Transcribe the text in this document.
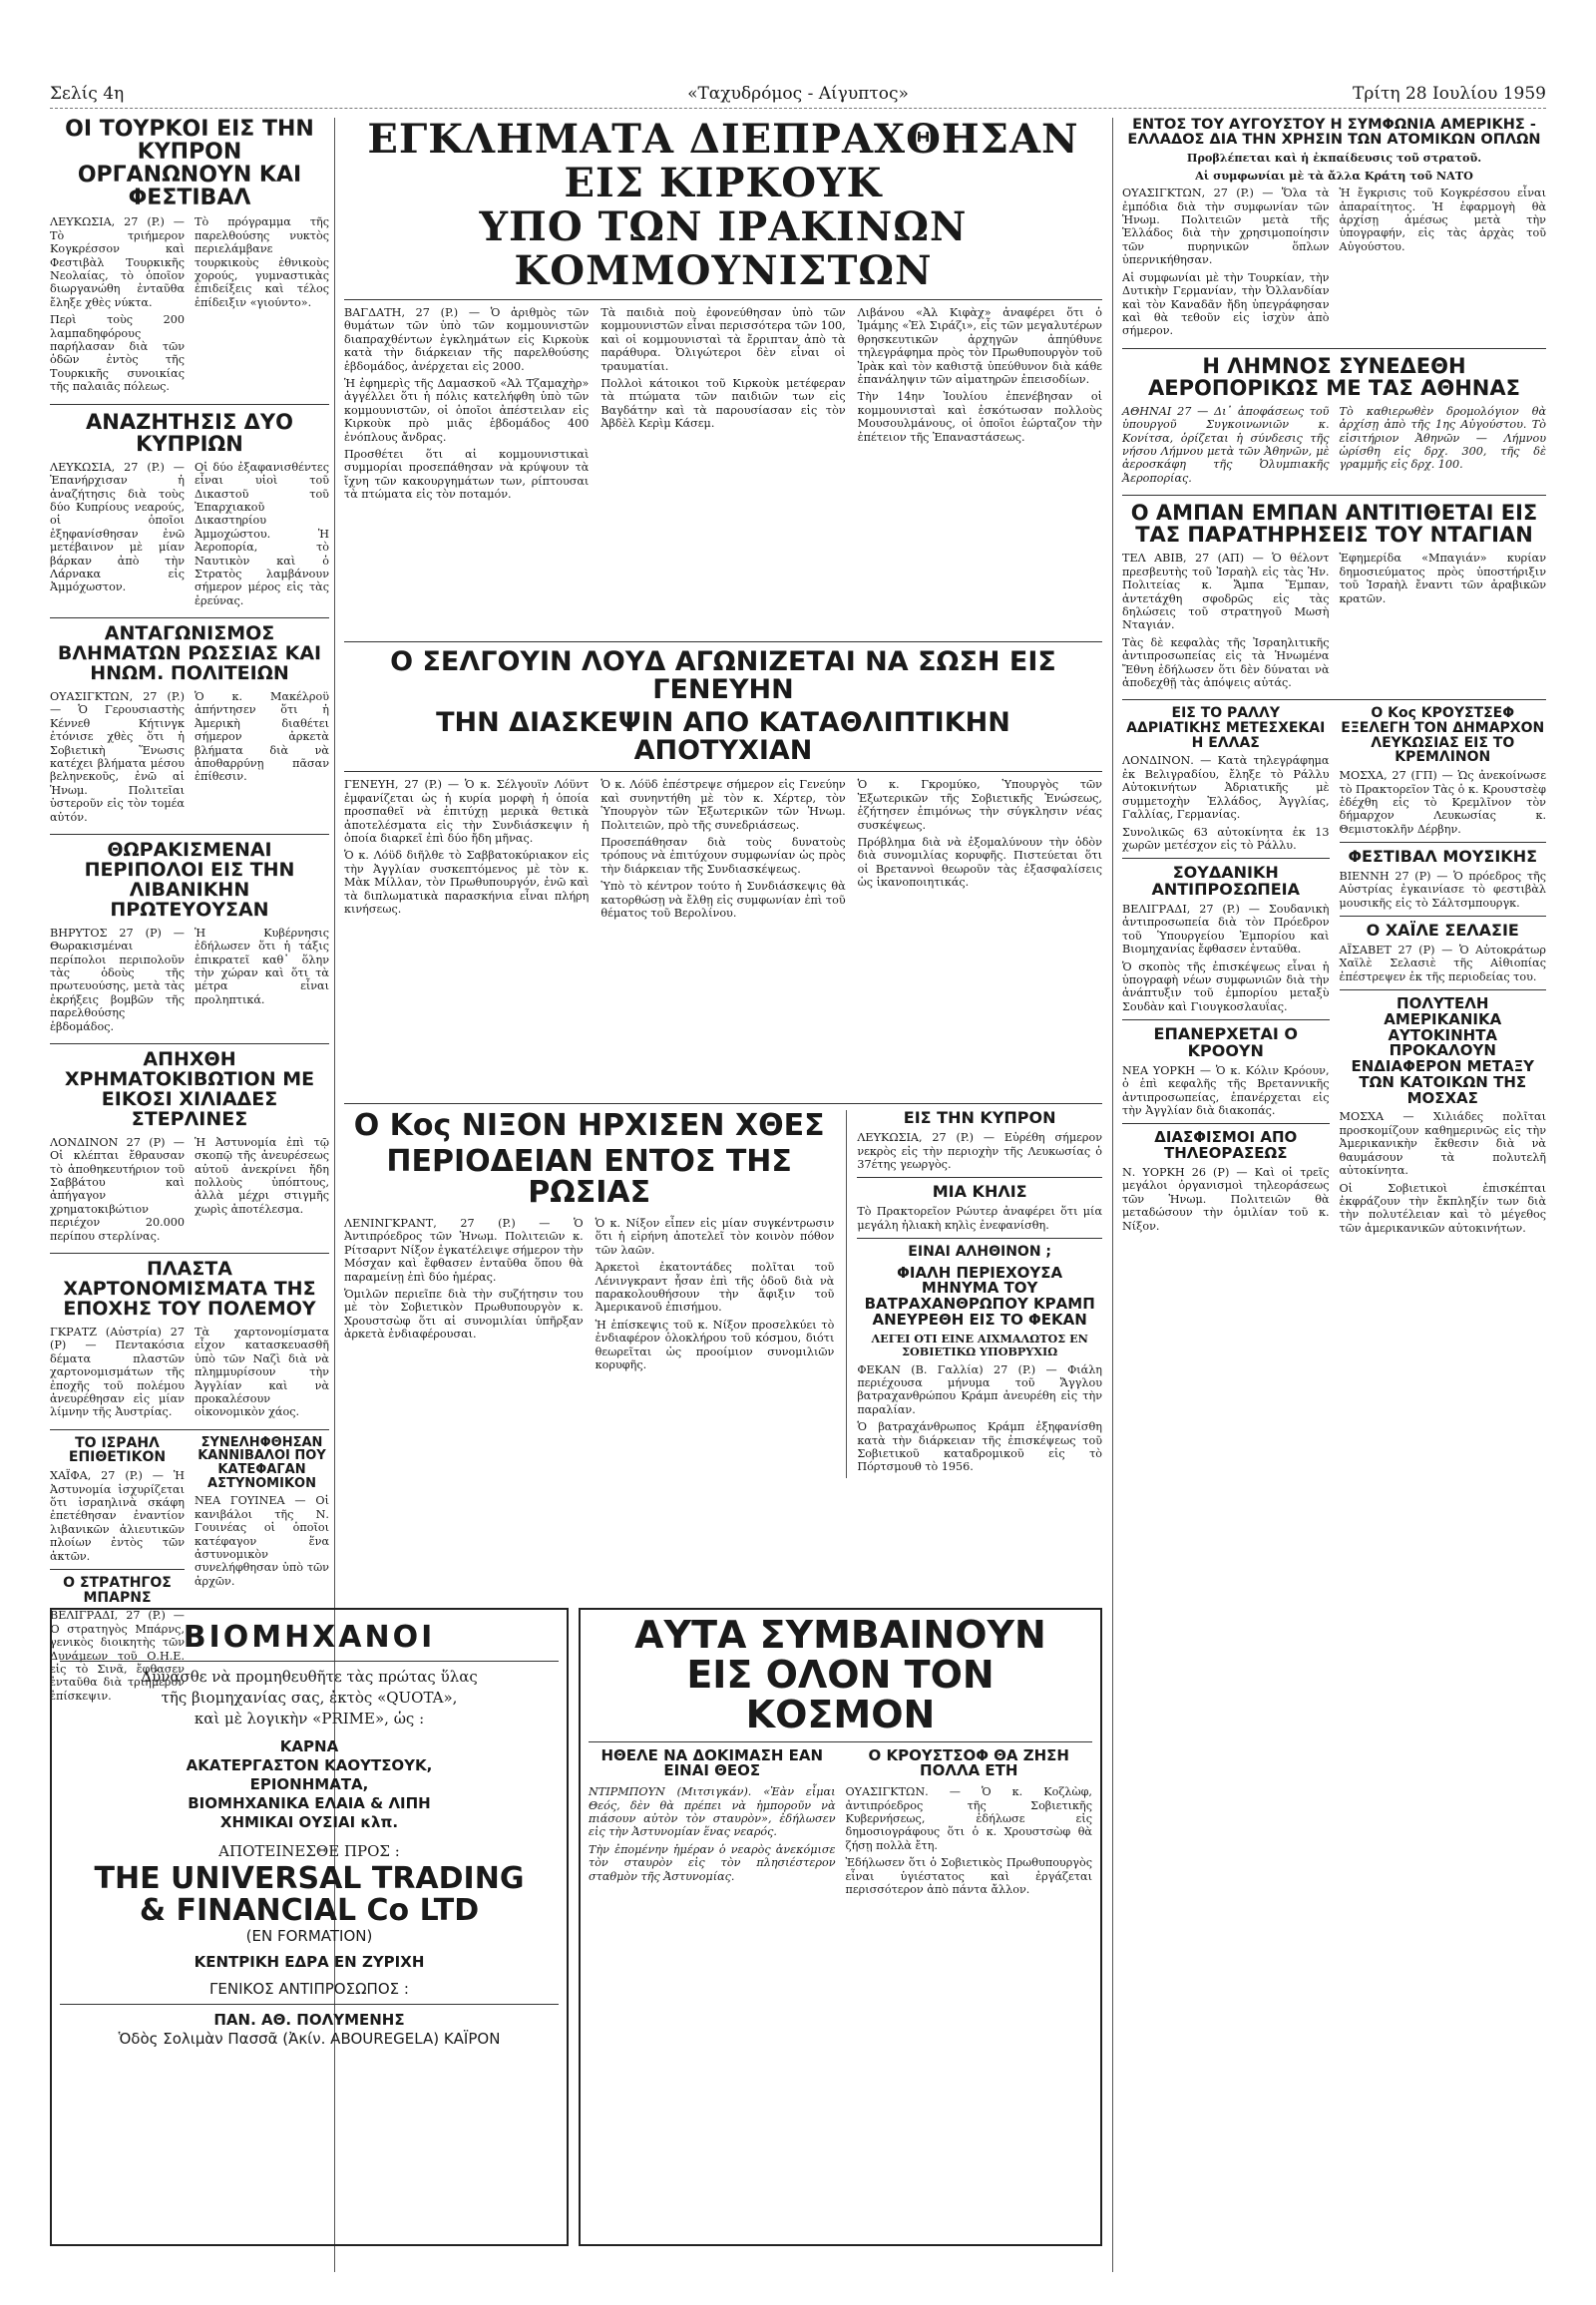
Σελίς 4η	«Ταχυδρόμος - Αίγυπτος»	Τρίτη 28 Ιουλίου 1959
ΟΙ ΤΟΥΡΚΟΙ ΕΙΣ ΤΗΝ ΚΥΠΡΟΝ ΟΡΓΑΝΩΝΟΥΝ ΚΑΙ ΦΕΣΤΙΒΑΛ

ΛΕΥΚΩΣΙΑ, 27 (P.) — Τὸ τριήμερον Κογκρέσσον καὶ Φεστιβὰλ Τουρκικῆς Νεολαίας, τὸ ὁποῖον διωργανώθη ἐνταῦθα ἔληξε χθὲς νύκτα.

Περὶ τοὺς 200 λαμπαδηφόρους παρήλασαν διὰ τῶν ὁδῶν ἐντὸς τῆς Τουρκικῆς συνοικίας τῆς παλαιᾶς πόλεως.

Τὸ πρόγραμμα τῆς παρελθούσης νυκτὸς περιελάμβανε τουρκικοὺς ἐθνικοὺς χορούς, γυμναστικὰς ἐπιδείξεις καὶ τέλος ἐπίδειξιν «γιούντο».

ΑΝΑΖΗΤΗΣΙΣ ΔΥΟ ΚΥΠΡΙΩΝ

ΛΕΥΚΩΣΙΑ, 27 (P.) — Ἐπανήρχισαν ἡ ἀναζήτησις διὰ τοὺς δύο Κυπρίους νεαρούς, οἱ ὁποῖοι ἐξηφανίσθησαν ἐνῶ μετέβαινον μὲ μίαν βάρκαν ἀπὸ τὴν Λάρνακα εἰς Ἀμμόχωστον.

Οἱ δύο ἐξαφανισθέντες εἶναι υἱοὶ τοῦ Δικαστοῦ τοῦ Ἐπαρχιακοῦ Δικαστηρίου Ἀμμοχώστου. Ἡ Ἀεροπορία, τὸ Ναυτικὸν καὶ ὁ Στρατὸς λαμβάνουν σήμερον μέρος εἰς τὰς ἐρεύνας.

ΑΝΤΑΓΩΝΙΣΜΟΣ ΒΛΗΜΑΤΩΝ ΡΩΣΣΙΑΣ ΚΑΙ ΗΝΩΜ. ΠΟΛΙΤΕΙΩΝ

ΟΥΑΣΙΓΚΤΩΝ, 27 (P.) — Ὁ Γερουσιαστὴς Κέννεθ Κήτινγκ ἐτόνισε χθὲς ὅτι ἡ Σοβιετικὴ Ἕνωσις κατέχει βλήματα μέσου βεληνεκοῦς, ἐνῶ αἱ Ἡνωμ. Πολιτεῖαι ὑστεροῦν εἰς τὸν τομέα αὐτόν.

Ὁ κ. Μακέλροϋ ἀπήντησεν ὅτι ἡ Ἀμερικὴ διαθέτει σήμερον ἀρκετὰ βλήματα διὰ νὰ ἀποθαρρύνῃ πᾶσαν ἐπίθεσιν.

ΘΩΡΑΚΙΣΜΕΝΑΙ ΠΕΡΙΠΟΛΟΙ ΕΙΣ ΤΗΝ ΛΙΒΑΝΙΚΗΝ ΠΡΩΤΕΥΟΥΣΑΝ

ΒΗΡΥΤΟΣ 27 (P) — Θωρακισμέναι περίπολοι περιπολοῦν τὰς ὁδοὺς τῆς πρωτευούσης, μετὰ τὰς ἐκρήξεις βομβῶν τῆς παρελθούσης ἑβδομάδος.

Ἡ Κυβέρνησις ἐδήλωσεν ὅτι ἡ τάξις ἐπικρατεῖ καθ᾽ ὅλην τὴν χώραν καὶ ὅτι τὰ μέτρα εἶναι προληπτικά.

ΑΠΗΧΘΗ ΧΡΗΜΑΤΟΚΙΒΩΤΙΟΝ ΜΕ ΕΙΚΟΣΙ ΧΙΛΙΑΔΕΣ ΣΤΕΡΛΙΝΕΣ

ΛΟΝΔΙΝΟΝ 27 (P) — Οἱ κλέπται ἔθραυσαν τὸ ἀποθηκευτήριον τοῦ Σαββάτου καὶ ἀπήγαγον χρηματοκιβώτιον περιέχον 20.000 περίπου στερλίνας.

Ἡ Ἀστυνομία ἐπὶ τῷ σκοπῷ τῆς ἀνευρέσεως αὐτοῦ ἀνεκρίνει ἤδη πολλοὺς ὑπόπτους, ἀλλὰ μέχρι στιγμῆς χωρὶς ἀποτέλεσμα.

ΠΛΑΣΤΑ ΧΑΡΤΟΝΟΜΙΣΜΑΤΑ ΤΗΣ ΕΠΟΧΗΣ ΤΟΥ ΠΟΛΕΜΟΥ

ΓΚΡΑΤΖ (Αὐστρία) 27 (P) — Πεντακόσια δέματα πλαστῶν χαρτονομισμάτων τῆς ἐποχῆς τοῦ πολέμου ἀνευρέθησαν εἰς μίαν λίμνην τῆς Ἀυστρίας.

Τὰ χαρτονομίσματα εἶχον κατασκευασθῆ ὑπὸ τῶν Ναζὶ διὰ νὰ πλημμυρίσουν τὴν Ἀγγλίαν καὶ νὰ προκαλέσουν οἰκονομικὸν χάος.

ΤΟ ΙΣΡΑΗΛ ΕΠΙΘΕΤΙΚΟΝ

ΧΑΪΦΑ, 27 (P.) — Ἡ Ἀστυνομία ἰσχυρίζεται ὅτι ἰσραηλινὰ σκάφη ἐπετέθησαν ἐναντίον λιβανικῶν ἁλιευτικῶν πλοίων ἐντὸς τῶν ἀκτῶν.

Ο ΣΤΡΑΤΗΓΟΣ ΜΠΑΡΝΣ

ΒΕΛΙΓΡΑΔΙ, 27 (P.) — Ὁ στρατηγὸς Μπάρνς, γενικὸς διοικητὴς τῶν Δυνάμεων τοῦ Ο.Η.Ε. εἰς τὸ Σινᾶ, ἔφθασεν ἐνταῦθα διὰ τριήμερον ἐπίσκεψιν.

ΣΥΝΕΛΗΦΘΗΣΑΝ ΚΑΝΝΙΒΑΛΟΙ ΠΟΥ ΚΑΤΕΦΑΓΑΝ ΑΣΤΥΝΟΜΙΚΟΝ

ΝΕΑ ΓΟΥΙΝΕΑ — Οἱ κανιβάλοι τῆς Ν. Γουινέας οἱ ὁποῖοι κατέφαγον ἕνα ἀστυνομικὸν συνελήφθησαν ὑπὸ τῶν ἀρχῶν.

ΒΙΟΜΗΧΑΝΟΙ
Δύνασθε νὰ προμηθευθῆτε τὰς πρώτας ὕλας
τῆς βιομηχανίας σας, ἐκτὸς «QUOTA»,
καὶ μὲ λογικὴν «PRIME», ὡς :
ΚΑΡΝΑ
ΑΚΑΤΕΡΓΑΣΤΟΝ ΚΑΟΥΤΣΟΥΚ,
ΕΡΙΟΝΗΜΑΤΑ,
ΒΙΟΜΗΧΑΝΙΚΑ ΕΛΑΙΑ & ΛΙΠΗ
ΧΗΜΙΚΑΙ ΟΥΣΙΑΙ κλπ.
ΑΠΟΤΕΙΝΕΣΘΕ ΠΡΟΣ :
THE UNIVERSAL TRADING
& FINANCIAL Co LTD
(EN FORMATION)
ΚΕΝΤΡΙΚΗ ΕΔΡΑ ΕΝ ΖΥΡΙΧΗ
ΓΕΝΙΚΟΣ ΑΝΤΙΠΡΟΣΩΠΟΣ :
ΠΑΝ. ΑΘ. ΠΟΛΥΜΕΝΗΣ
Ὁδὸς Σολιμὰν Πασσᾶ (Ἀκίν. ABOUREGELA) ΚΑΪΡΟΝ
ΕΓΚΛΗΜΑΤΑ ΔΙΕΠΡΑΧΘΗΣΑΝ ΕΙΣ ΚΙΡΚΟΥΚ
ΥΠΟ ΤΩΝ ΙΡΑΚΙΝΩΝ ΚΟΜΜΟΥΝΙΣΤΩΝ

ΒΑΓΔΑΤΗ, 27 (P.) — Ὁ ἀριθμὸς τῶν θυμάτων τῶν ὑπὸ τῶν κομμουνιστῶν διαπραχθέντων ἐγκλημάτων εἰς Κιρκοὺκ κατὰ τὴν διάρκειαν τῆς παρελθούσης ἑβδομάδος, ἀνέρχεται εἰς 2000.

Ἡ ἐφημερὶς τῆς Δαμασκοῦ «Ἀλ Τζαμαχὴρ» ἀγγέλλει ὅτι ἡ πόλις κατελήφθη ὑπὸ τῶν κομμουνιστῶν, οἱ ὁποῖοι ἀπέστειλαν εἰς Κιρκοὺκ πρὸ μιᾶς ἑβδομάδος 400 ἐνόπλους ἄνδρας.

Προσθέτει ὅτι αἱ κομμουνιστικαὶ συμμορίαι προσεπάθησαν νὰ κρύψουν τὰ ἴχνη τῶν κακουργημάτων των, ρίπτουσαι τὰ πτώματα εἰς τὸν ποταμόν.

Τὰ παιδιὰ ποὺ ἐφονεύθησαν ὑπὸ τῶν κομμουνιστῶν εἶναι περισσότερα τῶν 100, καὶ οἱ κομμουνισταὶ τὰ ἔρριπταν ἀπὸ τὰ παράθυρα. Ὀλιγώτεροι δὲν εἶναι οἱ τραυματίαι.

Πολλοὶ κάτοικοι τοῦ Κιρκοὺκ μετέφεραν τὰ πτώματα τῶν παιδιῶν των εἰς Βαγδάτην καὶ τὰ παρουσίασαν εἰς τὸν Ἀβδὲλ Κερὶμ Κάσεμ.

Λιβάνου «Ἀλ Κιφὰχ» ἀναφέρει ὅτι ὁ Ἰμάμης «Ἐλ Σιράζι», εἷς τῶν μεγαλυτέρων θρησκευτικῶν ἀρχηγῶν ἀπηύθυνε τηλεγράφημα πρὸς τὸν Πρωθυπουργὸν τοῦ Ἰρὰκ καὶ τὸν καθιστᾷ ὑπεύθυνον διὰ κάθε ἐπανάληψιν τῶν αἱματηρῶν ἐπεισοδίων.

Τὴν 14ην Ἰουλίου ἐπενέβησαν οἱ κομμουνισταὶ καὶ ἐσκότωσαν πολλοὺς Μουσουλμάνους, οἱ ὁποῖοι ἑώρταζον τὴν ἐπέτειον τῆς Ἐπαναστάσεως.

Ο ΣΕΛΓΟΥΙΝ ΛΟΥΔ ΑΓΩΝΙΖΕΤΑΙ ΝΑ ΣΩΣΗ ΕΙΣ ΓΕΝΕΥΗΝ
ΤΗΝ ΔΙΑΣΚΕΨΙΝ ΑΠΟ ΚΑΤΑΘΛΙΠΤΙΚΗΝ ΑΠΟΤΥΧΙΑΝ

ΓΕΝΕΥΗ, 27 (P.) — Ὁ κ. Σέλγουϊν Λόϋντ ἐμφανίζεται ὡς ἡ κυρία μορφὴ ἡ ὁποία προσπαθεῖ νὰ ἐπιτύχῃ μερικὰ θετικὰ ἀποτελέσματα εἰς τὴν Συνδιάσκεψιν ἡ ὁποία διαρκεῖ ἐπὶ δύο ἤδη μῆνας.

Ὁ κ. Λόϋδ διῆλθε τὸ Σαββατοκύριακον εἰς τὴν Ἀγγλίαν συσκεπτόμενος μὲ τὸν κ. Μὰκ Μίλλαν, τὸν Πρωθυπουργόν, ἐνῶ καὶ τὰ διπλωματικὰ παρασκήνια εἶναι πλήρη κινήσεως.

Ὁ κ. Λόϋδ ἐπέστρεψε σήμερον εἰς Γενεύην καὶ συνηντήθη μὲ τὸν κ. Χέρτερ, τὸν Ὑπουργὸν τῶν Ἐξωτερικῶν τῶν Ἡνωμ. Πολιτειῶν, πρὸ τῆς συνεδριάσεως.

Προσεπάθησαν διὰ τοὺς δυνατοὺς τρόπους νὰ ἐπιτύχουν συμφωνίαν ὡς πρὸς τὴν διάρκειαν τῆς Συνδιασκέψεως.

Ὑπὸ τὸ κέντρον τούτο ἡ Συνδιάσκεψις θὰ κατορθώσῃ νὰ ἔλθῃ εἰς συμφωνίαν ἐπὶ τοῦ θέματος τοῦ Βερολίνου.

Ὁ κ. Γκρομύκο, Ὑπουργὸς τῶν Ἐξωτερικῶν τῆς Σοβιετικῆς Ἑνώσεως, ἐζήτησεν ἐπιμόνως τὴν σύγκλησιν νέας συσκέψεως.

Πρόβλημα διὰ νὰ ἐξομαλύνουν τὴν ὁδὸν διὰ συνομιλίας κορυφῆς. Πιστεύεται ὅτι οἱ Βρεταννοὶ θεωροῦν τὰς ἐξασφαλίσεις ὡς ἱκανοποιητικάς.

Ο Κος ΝΙΞΟΝ ΗΡΧΙΣΕΝ ΧΘΕΣ
ΠΕΡΙΟΔΕΙΑΝ ΕΝΤΟΣ ΤΗΣ ΡΩΣΙΑΣ

ΛΕΝΙΝΓΚΡΑΝΤ, 27 (P.) — Ὁ Ἀντιπρόεδρος τῶν Ἡνωμ. Πολιτειῶν κ. Ρίτσαρντ Νίξον ἐγκατέλειψε σήμερον τὴν Μόσχαν καὶ ἔφθασεν ἐνταῦθα ὅπου θὰ παραμείνῃ ἐπὶ δύο ἡμέρας.

Ὁμιλῶν περιεῖπε διὰ τὴν συζήτησιν του μὲ τὸν Σοβιετικὸν Πρωθυπουργὸν κ. Χρουστσὼφ ὅτι αἱ συνομιλίαι ὑπῆρξαν ἀρκετὰ ἐνδιαφέρουσαι.

Ὁ κ. Νίξον εἶπεν εἰς μίαν συγκέντρωσιν ὅτι ἡ εἰρήνη ἀποτελεῖ τὸν κοινὸν πόθον τῶν λαῶν.

Ἀρκετοὶ ἐκατοντάδες πολῖται τοῦ Λένινγκραντ ἦσαν ἐπὶ τῆς ὁδοῦ διὰ νὰ παρακολουθήσουν τὴν ἄφιξιν τοῦ Ἀμερικανοῦ ἐπισήμου.

Ἡ ἐπίσκεψις τοῦ κ. Νίξον προσελκύει τὸ ἐνδιαφέρον ὁλοκλήρου τοῦ κόσμου, διότι θεωρεῖται ὡς προοίμιον συνομιλιῶν κορυφῆς.

ΕΙΣ ΤΗΝ ΚΥΠΡΟΝ

ΛΕΥΚΩΣΙΑ, 27 (P.) — Εὐρέθη σήμερον νεκρὸς εἰς τὴν περιοχὴν τῆς Λευκωσίας ὁ 37έτης γεωργὸς.

ΜΙΑ ΚΗΛΙΣ

Τὸ Πρακτορεῖον Ρώυτερ ἀναφέρει ὅτι μία μεγάλη ἡλιακὴ κηλὶς ἐνεφανίσθη.

ΕΙΝΑΙ ΑΛΗΘΙΝΟΝ ;
ΦΙΑΛΗ ΠΕΡΙΕΧΟΥΣΑ ΜΗΝΥΜΑ ΤΟΥ ΒΑΤΡΑΧΑΝΘΡΩΠΟΥ ΚΡΑΜΠ ΑΝΕΥΡΕΘΗ ΕΙΣ ΤΟ ΦΕΚΑΝ

ΛΕΓΕΙ ΟΤΙ ΕΙΝΕ ΑΙΧΜΑΛΩΤΟΣ ΕΝ ΣΟΒΙΕΤΙΚΩ ΥΠΟΒΡΥΧΙΩ

ΦΕΚΑΝ (Β. Γαλλία) 27 (P.) — Φιάλη περιέχουσα μήνυμα τοῦ Ἄγγλου βατραχανθρώπου Κράμπ ἀνευρέθη εἰς τὴν παραλίαν.

Ὁ βατραχάνθρωπος Κράμπ ἐξηφανίσθη κατὰ τὴν διάρκειαν τῆς ἐπισκέψεως τοῦ Σοβιετικοῦ καταδρομικοῦ εἰς τὸ Πόρτσμουθ τὸ 1956.

ΑΥΤΑ ΣΥΜΒΑΙΝΟΥΝ
ΕΙΣ ΟΛΟΝ ΤΟΝ ΚΟΣΜΟΝ
ΗΘΕΛΕ ΝΑ ΔΟΚΙΜΑΣΗ ΕΑΝ ΕΙΝΑΙ ΘΕΟΣ

ΝΤΙΡΜΠΟΥΝ (Μιτσιγκάν). «Ἐὰν εἶμαι Θεός, δὲν θὰ πρέπει νὰ ἠμποροῦν νὰ πιάσουν αὐτὸν τὸν σταυρὸν», ἐδήλωσεν εἰς τὴν Ἀστυνομίαν ἕνας νεαρός.

Τὴν ἐπομένην ἡμέραν ὁ νεαρὸς ἀνεκόμισε τὸν σταυρὸν εἰς τὸν πλησιέστερον σταθμὸν τῆς Ἀστυνομίας.

Ο ΚΡΟΥΣΤΣΟΦ ΘΑ ΖΗΣΗ ΠΟΛΛΑ ΕΤΗ

ΟΥΑΣΙΓΚΤΩΝ. — Ὁ κ. Κοζλὼφ, ἀντιπρόεδρος τῆς Σοβιετικῆς Κυβερνήσεως, ἐδήλωσε εἰς δημοσιογράφους ὅτι ὁ κ. Χρουστσὼφ θὰ ζήσῃ πολλὰ ἔτη.

Ἐδήλωσεν ὅτι ὁ Σοβιετικὸς Πρωθυπουργὸς εἶναι ὑγιέστατος καὶ ἐργάζεται περισσότερον ἀπὸ πάντα ἄλλον.

ΕΝΤΟΣ ΤΟΥ ΑΥΓΟΥΣΤΟΥ Η ΣΥΜΦΩΝΙΑ ΑΜΕΡΙΚΗΣ - ΕΛΛΑΔΟΣ ΔΙΑ ΤΗΝ ΧΡΗΣΙΝ ΤΩΝ ΑΤΟΜΙΚΩΝ ΟΠΛΩΝ

Προβλέπεται καὶ ἡ ἐκπαίδευσις τοῦ στρατοῦ.

Αἱ συμφωνίαι μὲ τὰ ἄλλα Κράτη τοῦ ΝΑΤΟ

ΟΥΑΣΙΓΚΤΩΝ, 27 (P.) — Ὅλα τὰ ἐμπόδια διὰ τὴν συμφωνίαν τῶν Ἡνωμ. Πολιτειῶν μετὰ τῆς Ἑλλάδος διὰ τὴν χρησιμοποίησιν τῶν πυρηνικῶν ὅπλων ὑπερνικήθησαν.

Αἱ συμφωνίαι μὲ τὴν Τουρκίαν, τὴν Δυτικὴν Γερμανίαν, τὴν Ὀλλανδίαν καὶ τὸν Καναδᾶν ἤδη ὑπεγράφησαν καὶ θὰ τεθοῦν εἰς ἰσχὺν ἀπὸ σήμερον.

Ἡ ἔγκρισις τοῦ Κογκρέσσου εἶναι ἀπαραίτητος. Ἡ ἐφαρμογὴ θὰ ἀρχίσῃ ἀμέσως μετὰ τὴν ὑπογραφήν, εἰς τὰς ἀρχὰς τοῦ Αὐγούστου.

Η ΛΗΜΝΟΣ ΣΥΝΕΔΕΘΗ ΑΕΡΟΠΟΡΙΚΩΣ ΜΕ ΤΑΣ ΑΘΗΝΑΣ

ΑΘΗΝΑΙ 27 — Δι᾽ ἀποφάσεως τοῦ ὑπουργοῦ Συγκοινωνιῶν κ. Κονίτσα, ὁρίζεται ἡ σύνδεσις τῆς νήσου Λήμνου μετὰ τῶν Ἀθηνῶν, μὲ ἀεροσκάφη τῆς Ὀλυμπιακῆς Ἀεροπορίας.

Τὸ καθιερωθὲν δρομολόγιον θὰ ἀρχίσῃ ἀπὸ τῆς 1ης Αὐγούστου. Τὸ εἰσιτήριον Ἀθηνῶν — Λήμνου ὡρίσθη εἰς δρχ. 300, τῆς δὲ γραμμῆς εἰς δρχ. 100.

Ο ΑΜΠΑΝ ΕΜΠΑΝ ΑΝΤΙΤΙΘΕΤΑΙ ΕΙΣ ΤΑΣ ΠΑΡΑΤΗΡΗΣΕΙΣ ΤΟΥ ΝΤΑΓΙΑΝ

ΤΕΛ ΑΒΙΒ, 27 (ΑΠ) — Ὁ θέλοντ πρεσβευτὴς τοῦ Ἰσραὴλ εἰς τὰς Ἡν. Πολιτείας κ. Ἄμπα Ἔμπαν, ἀντετάχθη σφοδρῶς εἰς τὰς δηλώσεις τοῦ στρατηγοῦ Μωσὴ Νταγιάν.

Τὰς δὲ κεφαλὰς τῆς Ἰσραηλιτικῆς ἀντιπροσωπείας εἰς τὰ Ἡνωμένα Ἔθνη ἐδήλωσεν ὅτι δὲν δύναται νὰ ἀποδεχθῇ τὰς ἀπόψεις αὐτάς.

Ἐφημερίδα «Μπαγιάν» κυρίαν δημοσιεύματος πρὸς ὑποστήριξιν τοῦ Ἰσραὴλ ἔναντι τῶν ἀραβικῶν κρατῶν.

ΕΙΣ ΤΟ ΡΑΛΛΥ ΑΔΡΙΑΤΙΚΗΣ ΜΕΤΕΣΧΕΚΑΙ Η ΕΛΛΑΣ

ΛΟΝΔΙΝΟΝ. — Κατὰ τηλεγράφημα ἐκ Βελιγραδίου, ἔληξε τὸ Ράλλυ Αὐτοκινήτων Ἀδριατικῆς μὲ συμμετοχὴν Ἑλλάδος, Ἀγγλίας, Γαλλίας, Γερμανίας.

Συνολικῶς 63 αὐτοκίνητα ἐκ 13 χωρῶν μετέσχον εἰς τὸ Ράλλυ.

ΣΟΥΔΑΝΙΚΗ ΑΝΤΙΠΡΟΣΩΠΕΙΑ

ΒΕΛΙΓΡΑΔΙ, 27 (P.) — Σουδανικὴ ἀντιπροσωπεία διὰ τὸν Πρόεδρον τοῦ Ὑπουργείου Ἐμπορίου καὶ Βιομηχανίας ἔφθασεν ἐνταῦθα.

Ὁ σκοπὸς τῆς ἐπισκέψεως εἶναι ἡ ὑπογραφὴ νέων συμφωνιῶν διὰ τὴν ἀνάπτυξιν τοῦ ἐμπορίου μεταξὺ Σουδὰν καὶ Γιουγκοσλαυΐας.

ΕΠΑΝΕΡΧΕΤΑΙ Ο ΚΡΟΟΥΝ

ΝΕΑ ΥΟΡΚΗ — Ὁ κ. Κόλιν Κρόουν, ὁ ἐπὶ κεφαλῆς τῆς Βρεταννικῆς ἀντιπροσωπείας, ἐπανέρχεται εἰς τὴν Ἀγγλίαν διὰ διακοπάς.

ΔΙΑΣΦΙΣΜΟΙ ΑΠΟ ΤΗΛΕΟΡΑΣΕΩΣ

Ν. ΥΟΡΚΗ 26 (P) — Καὶ οἱ τρεῖς μεγάλοι ὀργανισμοὶ τηλεοράσεως τῶν Ἡνωμ. Πολιτειῶν θὰ μεταδώσουν τὴν ὁμιλίαν τοῦ κ. Νίξον.

Ο Κος ΚΡΟΥΣΤΣΕΦ ΕΞΕΛΕΓΗ ΤΟΝ ΔΗΜΑΡΧΟΝ ΛΕΥΚΩΣΙΑΣ ΕΙΣ ΤΟ ΚΡΕΜΛΙΝΟΝ

ΜΟΣΧΑ, 27 (ΓΠ) — Ὡς ἀνεκοίνωσε τὸ Πρακτορεῖον Τὰς ὁ κ. Κρουστσὲφ ἐδέχθη εἰς τὸ Κρεμλῖνον τὸν δήμαρχον Λευκωσίας κ. Θεμιστοκλῆν Δέρβην.

ΦΕΣΤΙΒΑΛ ΜΟΥΣΙΚΗΣ

ΒΙΕΝΝΗ 27 (P) — Ὁ πρόεδρος τῆς Αὐστρίας ἐγκαινίασε τὸ φεστιβὰλ μουσικῆς εἰς τὸ Σάλτσμπουργκ.

Ο ΧΑΪΛΕ ΣΕΛΑΣΙΕ

ΑΪΣΑΒΕΤ 27 (P) — Ὁ Αὐτοκράτωρ Χαϊλὲ Σελασιὲ τῆς Αἰθιοπίας ἐπέστρεψεν ἐκ τῆς περιοδείας του.

ΠΟΛΥΤΕΛΗ ΑΜΕΡΙΚΑΝΙΚΑ ΑΥΤΟΚΙΝΗΤΑ ΠΡΟΚΑΛΟΥΝ ΕΝΔΙΑΦΕΡΟΝ ΜΕΤΑΞΥ ΤΩΝ ΚΑΤΟΙΚΩΝ ΤΗΣ ΜΟΣΧΑΣ

ΜΟΣΧΑ — Χιλιάδες πολῖται προσκομίζουν καθημερινῶς εἰς τὴν Ἀμερικανικὴν ἔκθεσιν διὰ νὰ θαυμάσουν τὰ πολυτελῆ αὐτοκίνητα.

Οἱ Σοβιετικοὶ ἐπισκέπται ἐκφράζουν τὴν ἔκπληξίν των διὰ τὴν πολυτέλειαν καὶ τὸ μέγεθος τῶν ἀμερικανικῶν αὐτοκινήτων.
